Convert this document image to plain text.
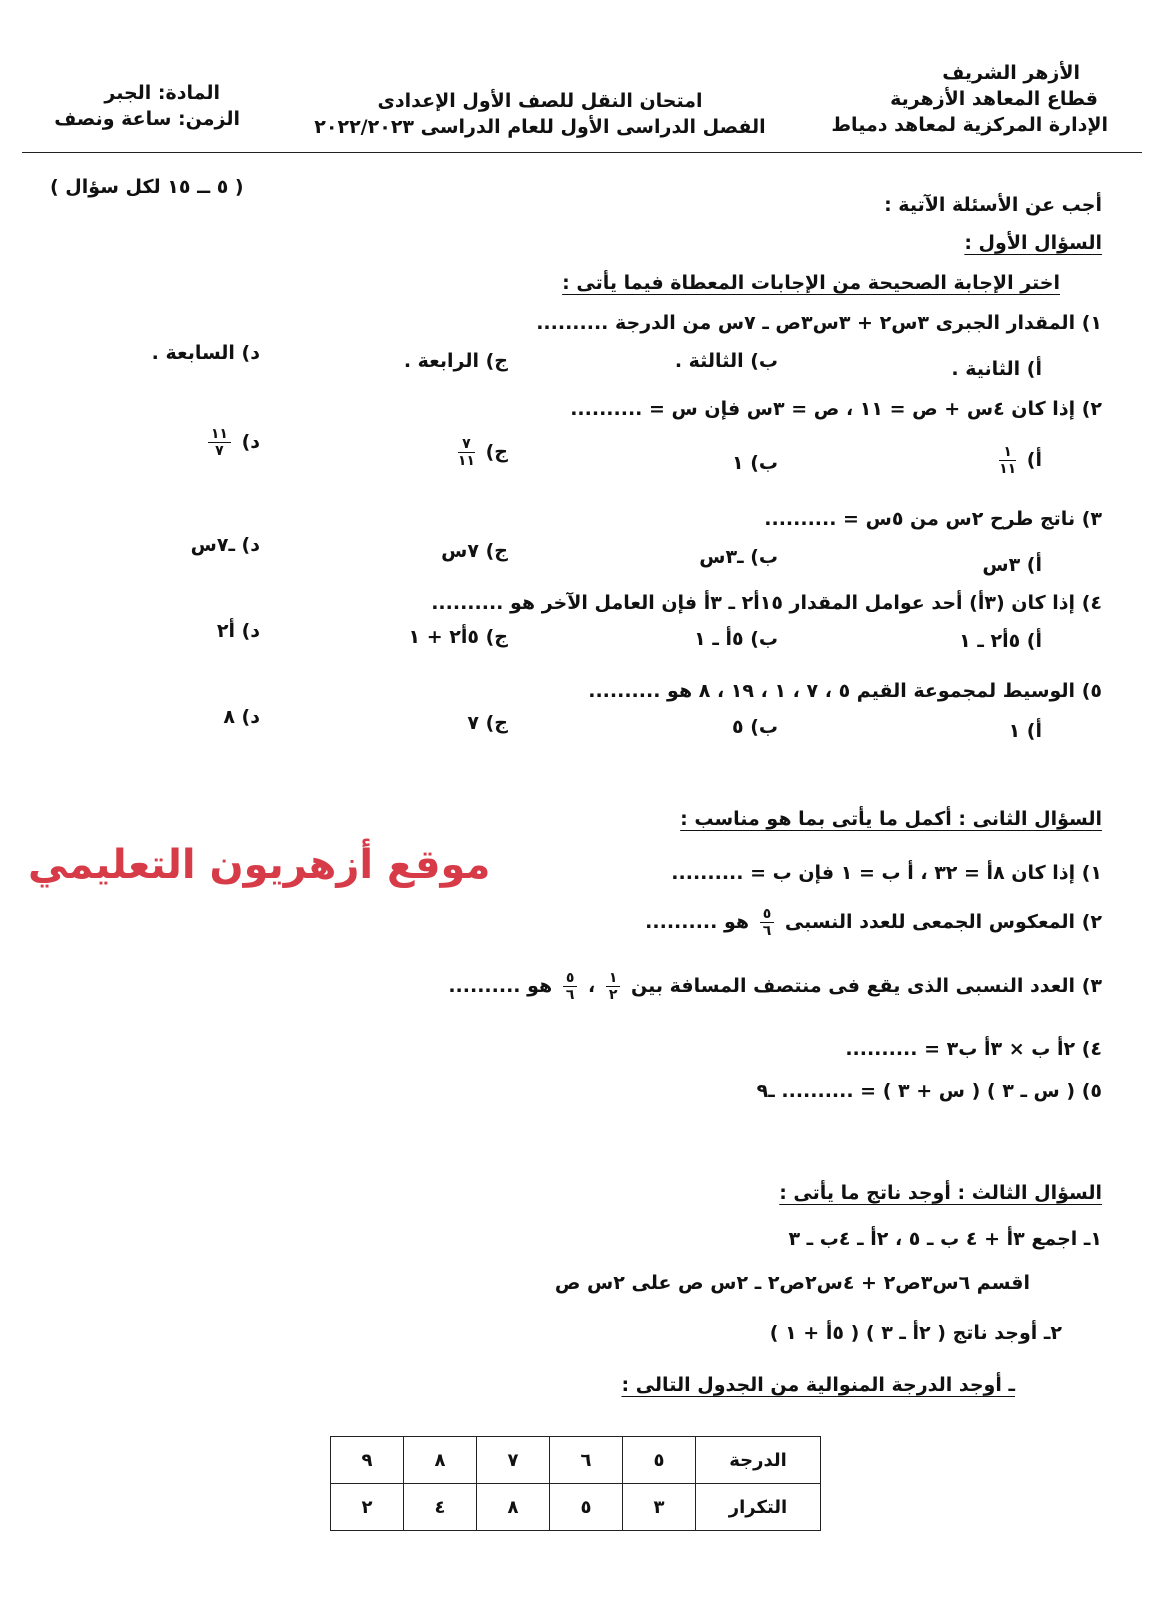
الأزهر الشريف
قطاع المعاهد الأزهرية
الإدارة المركزية لمعاهد دمياط
امتحان النقل للصف الأول الإعدادى
الفصل الدراسى الأول للعام الدراسى ٢٠٢٢/٢٠٢٣
المادة: الجبر
الزمن: ساعة ونصف
( ٥ ــ ١٥ لكل سؤال )
أجب عن الأسئلة الآتية :
السؤال الأول :
اختر الإجابة الصحيحة من الإجابات المعطاة فيما يأتى :
١) المقدار الجبرى ٣س٢ + ٣س٣ص ـ ٧س من الدرجة ..........
أ) الثانية .
ب) الثالثة .
ج) الرابعة .
د) السابعة .
٢) إذا كان ٤س + ص = ١١ ، ص = ٣س فإن س = ..........
أ)
$\frac{١}{١١}$
ب) ١
ج)
$\frac{٧}{١١}$
د)
$\frac{١١}{٧}$
٣) ناتج طرح ٢س من ٥س = ..........
أ) ٣س
ب) ـ٣س
ج) ٧س
د) ـ٧س
٤) إذا كان (٣أ) أحد عوامل المقدار ١٥أ٢ ـ ٣أ فإن العامل الآخر هو ..........
أ) ٥أ٢ ـ ١
ب) ٥أ ـ ١
ج) ٥أ٢ + ١
د) أ٢
٥) الوسيط لمجموعة القيم ٥ ، ٧ ، ١ ، ١٩ ، ٨ هو ..........
أ) ١
ب) ٥
ج) ٧
د) ٨
السؤال الثانى : أكمل ما يأتى بما هو مناسب :
موقع أزهريون التعليمي	١) إذا كان ٨أ = ٣٢ ، أ ب = ١ فإن ب = ..........
٢) المعكوس الجمعى للعدد النسبى
$\frac{٥}{٦}$
هو ..........
٣) العدد النسبى الذى يقع فى منتصف المسافة بين
$\frac{١}{٢}$
،
$\frac{٥}{٦}$
هو ..........
٤) ٢أ ب × ٣أ ب٣ = ..........
٥) ( س ـ ٣ ) ( س + ٣ ) = .......... ـ٩
السؤال الثالث : أوجد ناتج ما يأتى :
١ـ اجمع ٣أ + ٤ ب ـ ٥ ، ٢أ ـ ٤ب ـ ٣
اقسم ٦س٣ص٢ + ٤س٢ص٢ ـ ٢س ص على ٢س ص
٢ـ أوجد ناتج ( ٢أ ـ ٣ ) ( ٥أ + ١ )
ـ أوجد الدرجة المنوالية من الجدول التالى :
الدرجة	٥	٦	٧	٨	٩
التكرار	٣	٥	٨	٤	٢
